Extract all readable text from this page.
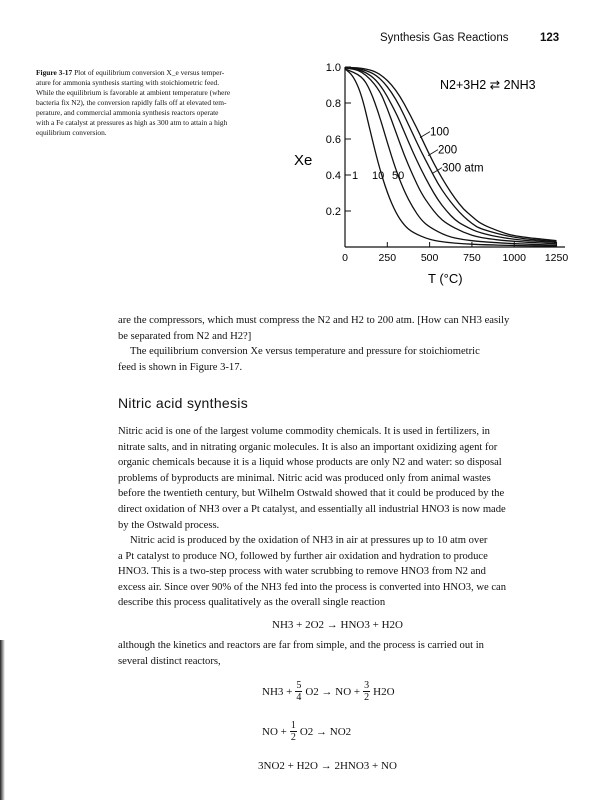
Synthesis Gas Reactions	123
Figure 3-17 Plot of equilibrium conversion X_e versus temper-
ature for ammonia synthesis starting with stoichiometric feed.
While the equilibrium is favorable at ambient temperature (where
bacteria fix N2), the conversion rapidly falls off at elevated tem-
perature, and commercial ammonia synthesis reactors operate
with a Fe catalyst at pressures as high as 300 atm to attain a high
equilibrium conversion.
1.0
0.8
0.6
0.4
0.2
0	250 500 750 1000 1250
1 10 50
100
200
300 atm
Xe
T (°C)
N2+3H2 ⇄ 2NH3
are the compressors, which must compress the N2 and H2 to 200 atm. [How can NH3 easily
be separated from N2 and H2?]
The equilibrium conversion Xe versus temperature and pressure for stoichiometric
feed is shown in Figure 3-17.
Nitric acid synthesis
Nitric acid is one of the largest volume commodity chemicals. It is used in fertilizers, in
nitrate salts, and in nitrating organic molecules. It is also an important oxidizing agent for
organic chemicals because it is a liquid whose products are only N2 and water: so disposal
problems of byproducts are minimal. Nitric acid was produced only from animal wastes
before the twentieth century, but Wilhelm Ostwald showed that it could be produced by the
direct oxidation of NH3 over a Pt catalyst, and essentially all industrial HNO3 is now made
by the Ostwald process.
Nitric acid is produced by the oxidation of NH3 in air at pressures up to 10 atm over
a Pt catalyst to produce NO, followed by further air oxidation and hydration to produce
HNO3. This is a two-step process with water scrubbing to remove HNO3 from N2 and
excess air. Since over 90% of the NH3 fed into the process is converted into HNO3, we can
describe this process qualitatively as the overall single reaction
NH3 + 2O2 → HNO3 + H2O
although the kinetics and reactors are far from simple, and the process is carried out in
several distinct reactors,
$NH3 + \frac{5}{4} O2$ → NO + $\frac{3}{2} H2O$
NO + $\frac{1}{2} O2 \to NO2$
3NO2 + H2O → 2HNO3 + NO
